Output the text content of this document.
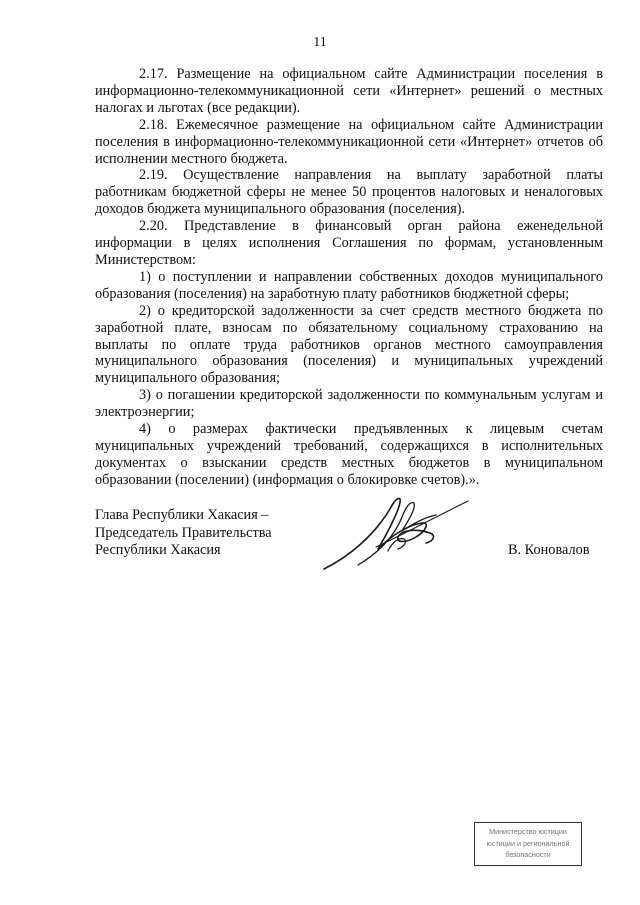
11

2.17. Размещение на официальном сайте Администрации поселения в информационно-телекоммуникационной сети «Интернет» решений о местных налогах и льготах (все редакции).

2.18. Ежемесячное размещение на официальном сайте Администрации поселения в информационно-телекоммуникационной сети «Интернет» отчетов об исполнении местного бюджета.

2.19. Осуществление направления на выплату заработной платы работникам бюджетной сферы не менее 50 процентов налоговых и неналоговых доходов бюджета муниципального образования (поселения).

2.20. Представление в финансовый орган района еженедельной информации в целях исполнения Соглашения по формам, установленным Министерством:

1) о поступлении и направлении собственных доходов муниципального образования (поселения) на заработную плату работников бюджетной сферы;

2) о кредиторской задолженности за счет средств местного бюджета по заработной плате, взносам по обязательному социальному страхованию на выплаты по оплате труда работников органов местного самоуправления муниципального образования (поселения) и муниципальных учреждений муниципального образования;

3) о погашении кредиторской задолженности по коммунальным услугам и электроэнергии;

4) о размерах фактически предъявленных к лицевым счетам муниципальных учреждений требований, содержащихся в исполнительных документах о взыскании средств местных бюджетов в муниципальном образовании (поселении) (информация о блокировке счетов).».

Глава Республики Хакасия –

Председатель Правительства

Республики Хакасия	В. Коновалов
Министерство юстиции
юстиции и региональной
безопасности
